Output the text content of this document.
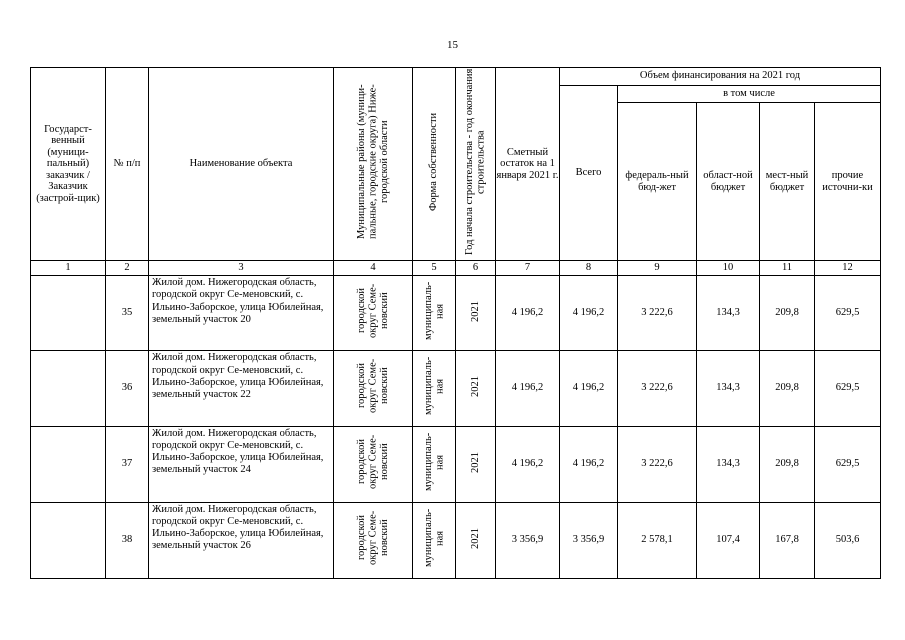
15
Государст-венный (муници-пальный) заказчик / Заказчик (застрой-щик)	№ п/п	Наименование объекта	Муниципальные районы (муници-пальные, городские округа) Ниже-городской области	Форма собственности	Год начала строительства - год окончания строительства	Сметный остаток на 1 января 2021 г.	Объем финансирования на 2021 год				
							Всего	в том числе			
								федераль-ный бюд-жет	област-ной бюджет	мест-ный бюджет	прочие источни-ки
1	2	3	4	5	6	7	8	9	10	11	12
	35	Жилой дом. Нижегородская область, городской округ Се-меновский, с. Ильино-Заборское, улица Юбилейная, земельный участок 20	городской округ Семе-новский	муниципаль-ная	2021	4 196,2	4 196,2	3 222,6	134,3	209,8	629,5
	36	Жилой дом. Нижегородская область, городской округ Се-меновский, с. Ильино-Заборское, улица Юбилейная, земельный участок 22	городской округ Семе-новский	муниципаль-ная	2021	4 196,2	4 196,2	3 222,6	134,3	209,8	629,5
	37	Жилой дом. Нижегородская область, городской округ Се-меновский, с. Ильино-Заборское, улица Юбилейная, земельный участок 24	городской округ Семе-новский	муниципаль-ная	2021	4 196,2	4 196,2	3 222,6	134,3	209,8	629,5
	38	Жилой дом. Нижегородская область, городской округ Се-меновский, с. Ильино-Заборское, улица Юбилейная, земельный участок 26	городской округ Семе-новский	муниципаль-ная	2021	3 356,9	3 356,9	2 578,1	107,4	167,8	503,6
